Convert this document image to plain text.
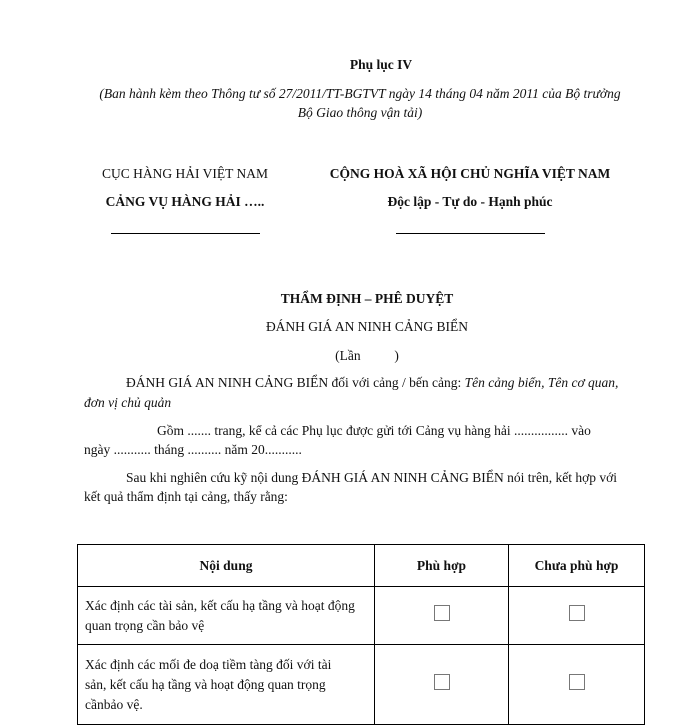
Phụ lục IV
(Ban hành kèm theo Thông tư số 27/2011/TT-BGTVT ngày 14 tháng 04 năm 2011 của Bộ trưởng
Bộ Giao thông vận tải)
CỤC HÀNG HẢI VIỆT NAM
CẢNG VỤ HÀNG HẢI …..
CỘNG HOÀ XÃ HỘI CHỦ NGHĨA VIỆT NAM
Độc lập - Tự do - Hạnh phúc
THẨM ĐỊNH – PHÊ DUYỆT
ĐÁNH GIÁ AN NINH CẢNG BIỂN
(Lần          )
ĐÁNH GIÁ AN NINH CẢNG BIỂN đối với cảng / bến cảng: Tên cảng biển, Tên cơ quan,
đơn vị chủ quản
Gồm ....... trang, kể cả các Phụ lục được gửi tới Cảng vụ hàng hải ................ vào
ngày ........... tháng .......... năm 20...........
Sau khi nghiên cứu kỹ nội dung ĐÁNH GIÁ AN NINH CẢNG BIỂN nói trên, kết hợp với
kết quả thẩm định tại cảng, thấy rằng:
Nội dung	Phù hợp	Chưa phù hợp

Xác định các tài sản, kết cấu hạ tầng và hoạt động
quan trọng cần bảo vệ		

Xác định các mối đe doạ tiềm tàng đối với tài
sản, kết cấu hạ tầng và hoạt động quan trọng
cầnbảo vệ.		
